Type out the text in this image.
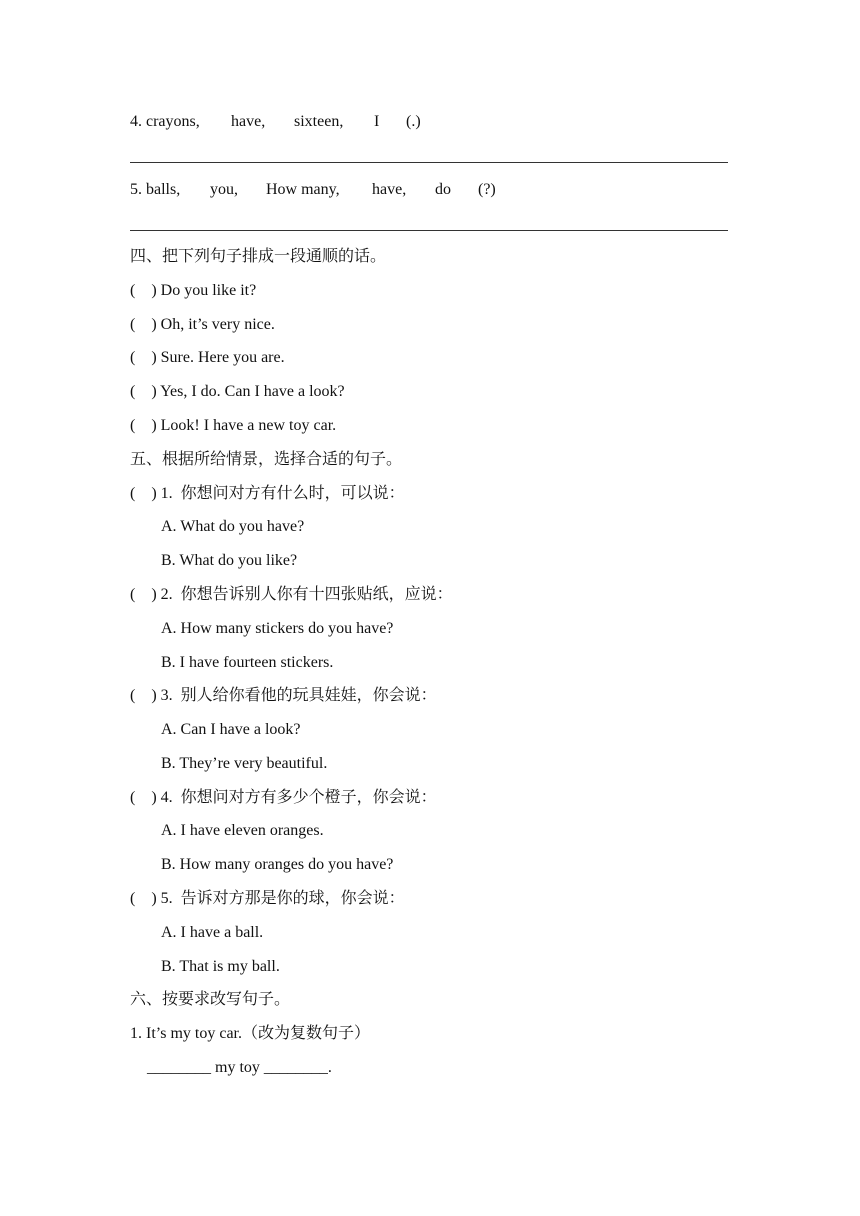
4. crayons,

have,

sixteen,

I

(.)

5. balls,

you,

How many,

have,

do

(?)

四、把下列句子排成一段通顺的话。
(    ) Do you like it?
(    ) Oh, it’s very nice.
(    ) Sure. Here you are.
(    ) Yes, I do. Can I have a look?
(    ) Look! I have a new toy car.
五、根据所给情景，选择合适的句子。
(    ) 1.  你想问对方有什么时，可以说：
A. What do you have?
B. What do you like?
(    ) 2.  你想告诉别人你有十四张贴纸，应说：
A. How many stickers do you have?
B. I have fourteen stickers.
(    ) 3.  别人给你看他的玩具娃娃，你会说：
A. Can I have a look?
B. They’re very beautiful.
(    ) 4.  你想问对方有多少个橙子，你会说：
A. I have eleven oranges.
B. How many oranges do you have?
(    ) 5.  告诉对方那是你的球，你会说：
A. I have a ball.
B. That is my ball.
六、按要求改写句子。
1. It’s my toy car.（改为复数句子）
________ my toy ________.
